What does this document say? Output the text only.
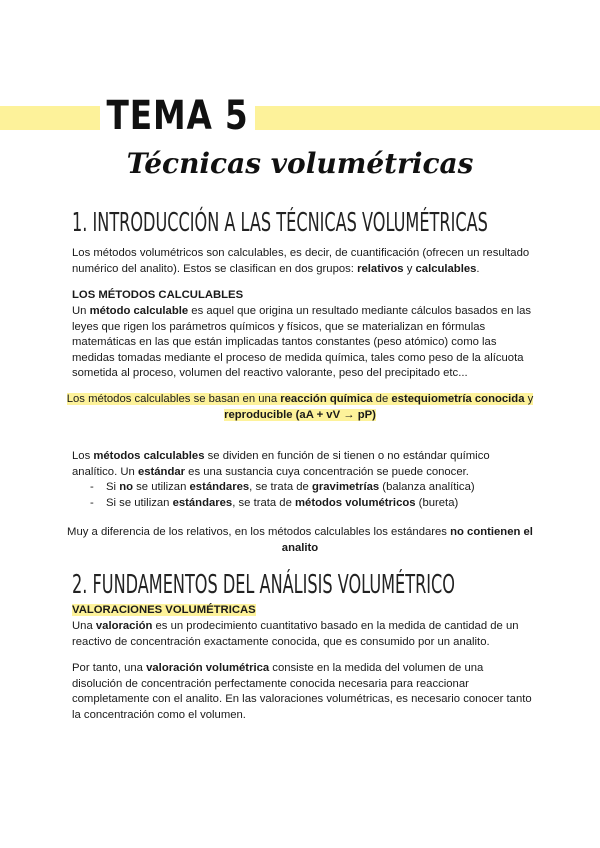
TEMA 5
Técnicas volumétricas
1. INTRODUCCIÓN A LAS TÉCNICAS VOLUMÉTRICAS

Los métodos volumétricos son calculables, es decir, de cuantificación (ofrecen un resultado numérico del analito). Estos se clasifican en dos grupos: relativos y calculables.

LOS MÉTODOS CALCULABLES

Un método calculable es aquel que origina un resultado mediante cálculos basados en las leyes que rigen los parámetros químicos y físicos, que se materializan en fórmulas matemáticas en las que están implicadas tantos constantes (peso atómico) como las medidas tomadas mediante el proceso de medida química, tales como peso de la alícuota sometida al proceso, volumen del reactivo valorante, peso del precipitado etc...

Los métodos calculables se basan en una reacción química de estequiometría conocida y reproducible (aA + vV → pP)

Los métodos calculables se dividen en función de si tienen o no estándar químico analítico. Un estándar es una sustancia cuya concentración se puede conocer.

- Si no se utilizan estándares, se trata de gravimetrías (balanza analítica)
- Si se utilizan estándares, se trata de métodos volumétricos (bureta)
Muy a diferencia de los relativos, en los métodos calculables los estándares no contienen el analito
2. FUNDAMENTOS DEL ANÁLISIS VOLUMÉTRICO
VALORACIONES VOLUMÉTRICAS

Una valoración es un prodecimiento cuantitativo basado en la medida de cantidad de un reactivo de concentración exactamente conocida, que es consumido por un analito.

Por tanto, una valoración volumétrica consiste en la medida del volumen de una disolución de concentración perfectamente conocida necesaria para reaccionar completamente con el analito. En las valoraciones volumétricas, es necesario conocer tanto la concentración como el volumen.
